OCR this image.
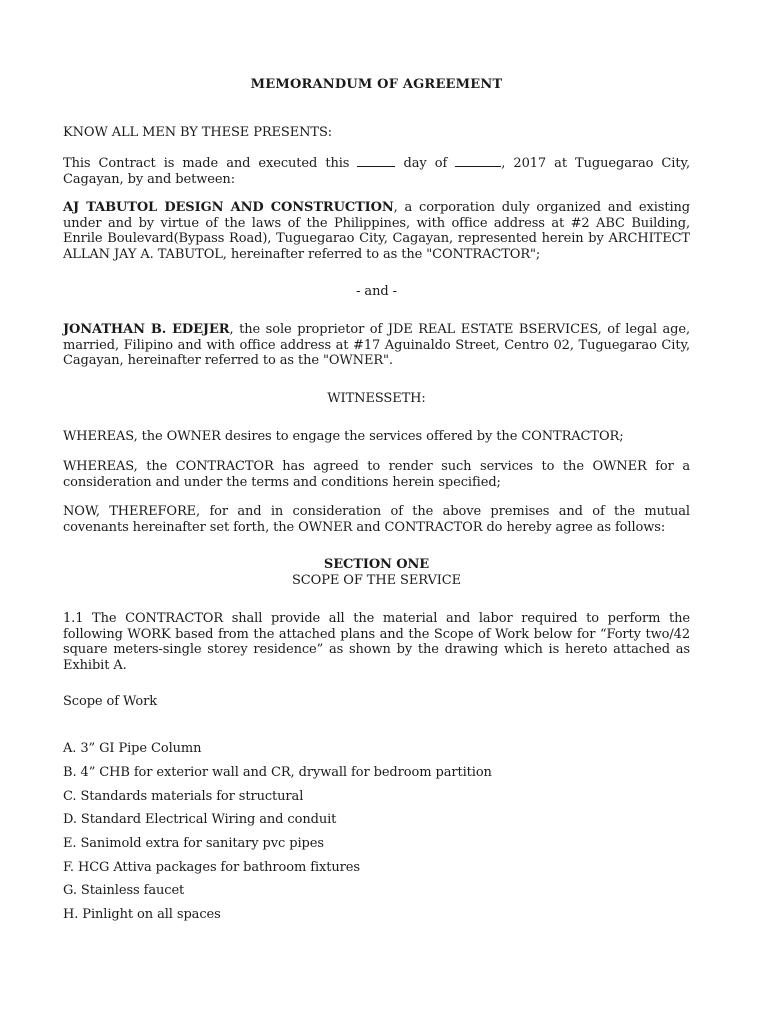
MEMORANDUM OF AGREEMENT

KNOW ALL MEN BY THESE PRESENTS:

This Contract is made and executed this	day of	, 2017 at Tuguegarao City, Cagayan, by and between:

AJ TABUTOL DESIGN AND CONSTRUCTION, a corporation duly organized and existing under and by virtue of the laws of the Philippines, with office address at #2 ABC Building, Enrile Boulevard(Bypass Road), Tuguegarao City, Cagayan, represented herein by ARCHITECT ALLAN JAY A. TABUTOL, hereinafter referred to as the "CONTRACTOR";

- and -

JONATHAN B. EDEJER, the sole proprietor of JDE REAL ESTATE BSERVICES, of legal age, married, Filipino and with office address at #17 Aguinaldo Street, Centro 02, Tuguegarao City, Cagayan, hereinafter referred to as the "OWNER".

WITNESSETH:

WHEREAS, the OWNER desires to engage the services offered by the CONTRACTOR;

WHEREAS, the CONTRACTOR has agreed to render such services to the OWNER for a consideration and under the terms and conditions herein specified;

NOW, THEREFORE, for and in consideration of the above premises and of the mutual covenants hereinafter set forth, the OWNER and CONTRACTOR do hereby agree as follows:

SECTION ONE

SCOPE OF THE SERVICE

1.1 The CONTRACTOR shall provide all the material and labor required to perform the following WORK based from the attached plans and the Scope of Work below for “Forty two/42 square meters-single storey residence” as shown by the drawing which is hereto attached as Exhibit A.

Scope of Work

A. 3” GI Pipe Column

B. 4” CHB for exterior wall and CR, drywall for bedroom partition

C. Standards materials for structural

D. Standard Electrical Wiring and conduit

E. Sanimold extra for sanitary pvc pipes

F. HCG Attiva packages for bathroom fixtures

G. Stainless faucet

H. Pinlight on all spaces
